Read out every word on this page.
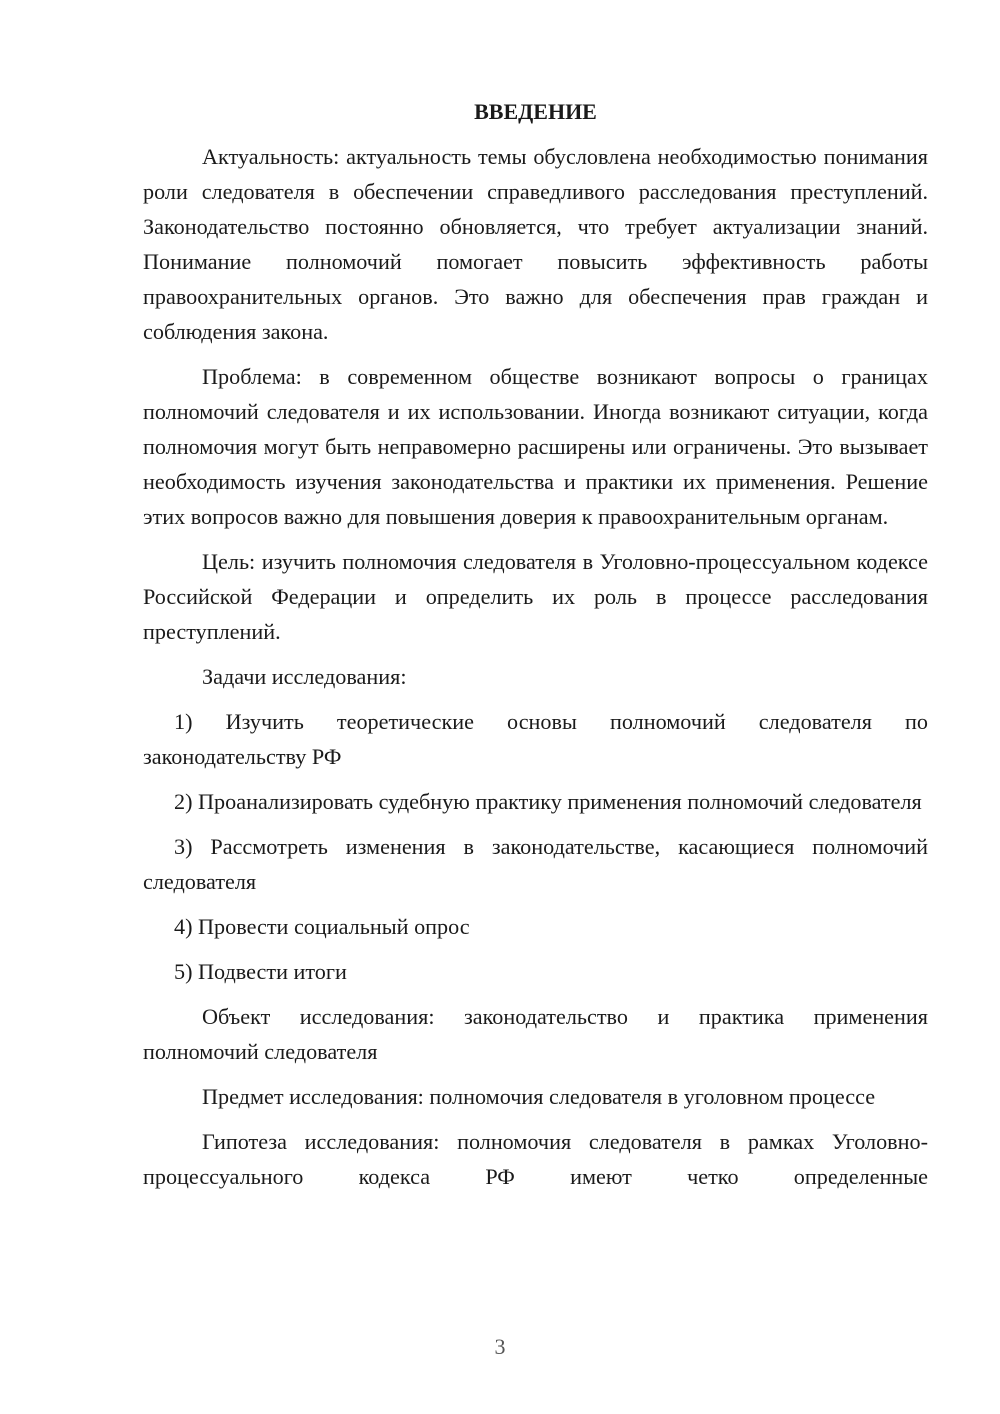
ВВЕДЕНИЕ

Актуальность: актуальность темы обусловлена необходимостью понимания роли следователя в обеспечении справедливого расследования преступлений. Законодательство постоянно обновляется, что требует актуализации знаний. Понимание полномочий помогает повысить эффективность работы правоохранительных органов. Это важно для обеспечения прав граждан и соблюдения закона.

Проблема: в современном обществе возникают вопросы о границах полномочий следователя и их использовании. Иногда возникают ситуации, когда полномочия могут быть неправомерно расширены или ограничены. Это вызывает необходимость изучения законодательства и практики их применения. Решение этих вопросов важно для повышения доверия к правоохранительным органам.

Цель: изучить полномочия следователя в Уголовно-процессуальном кодексе Российской Федерации и определить их роль в процессе расследования преступлений.

Задачи исследования:

1) Изучить теоретические основы полномочий следователя по законодательству РФ

2) Проанализировать судебную практику применения полномочий следователя

3) Рассмотреть изменения в законодательстве, касающиеся полномочий следователя

4) Провести социальный опрос

5) Подвести итоги

Объект исследования: законодательство и практика применения полномочий следователя

Предмет исследования: полномочия следователя в уголовном процессе

Гипотеза исследования: полномочия следователя в рамках Уголовно-процессуального кодекса РФ имеют четко определенные

3
